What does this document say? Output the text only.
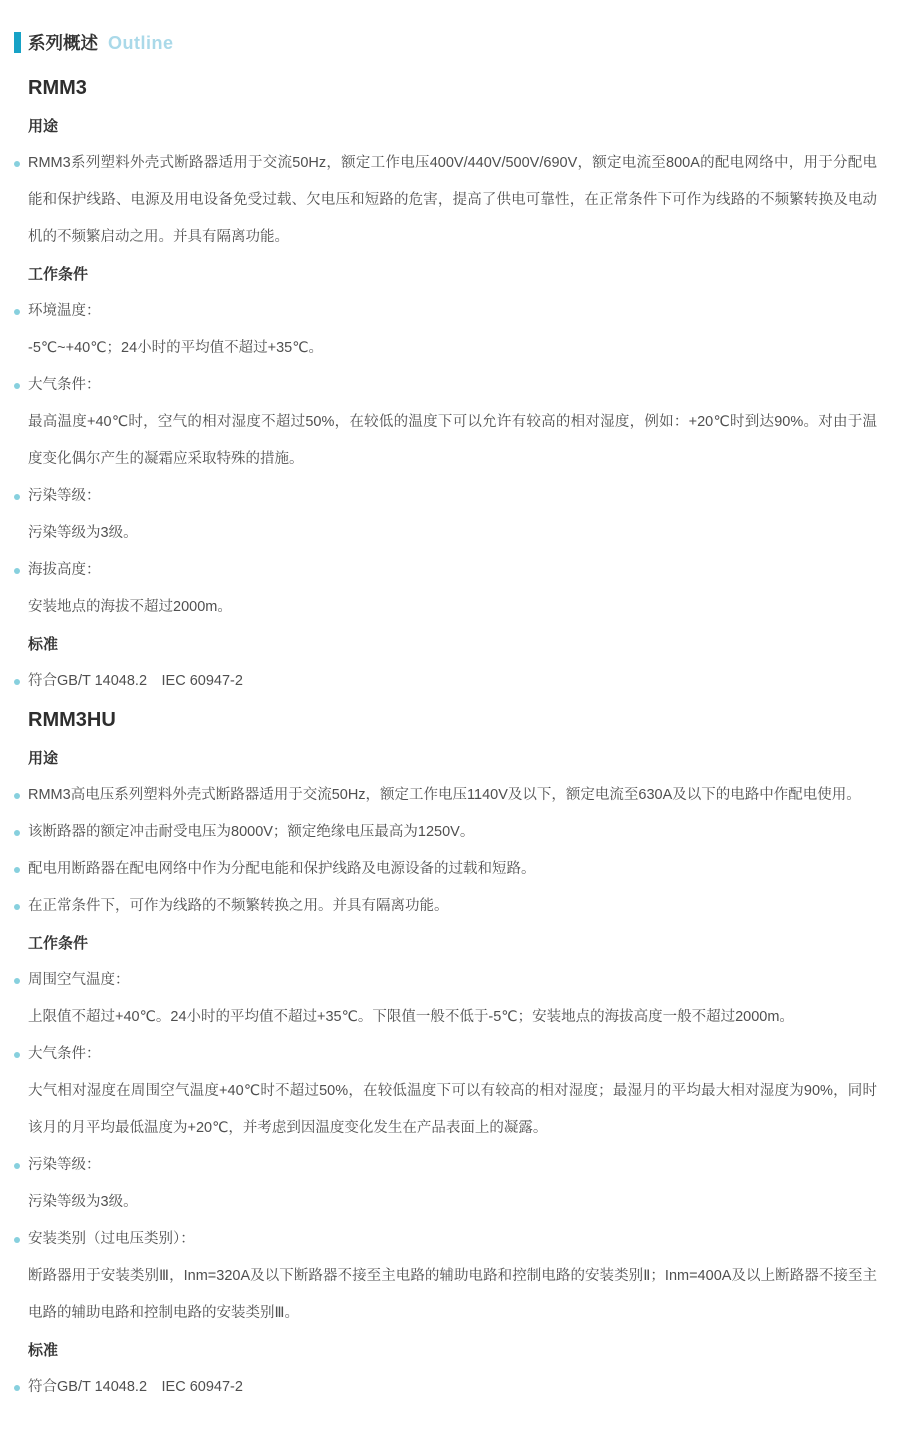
系列概述 Outline
RMM3
用途
RMM3系列塑料外壳式断路器适用于交流50Hz，额定工作电压400V/440V/500V/690V，额定电流至800A的配电网络中，用于分配电能和保护线路、电源及用电设备免受过载、欠电压和短路的危害，提高了供电可靠性，在正常条件下可作为线路的不频繁转换及电动机的不频繁启动之用。并具有隔离功能。
工作条件
环境温度：
-5℃~+40℃；24小时的平均值不超过+35℃。
大气条件：
最高温度+40℃时，空气的相对湿度不超过50%，在较低的温度下可以允许有较高的相对湿度，例如：+20℃时到达90%。对由于温度变化偶尔产生的凝霜应采取特殊的措施。
污染等级：
污染等级为3级。
海拔高度：
安装地点的海拔不超过2000m。
标准
符合GB/T 14048.2　IEC 60947-2
RMM3HU
用途
RMM3高电压系列塑料外壳式断路器适用于交流50Hz，额定工作电压1140V及以下，额定电流至630A及以下的电路中作配电使用。
该断路器的额定冲击耐受电压为8000V；额定绝缘电压最高为1250V。
配电用断路器在配电网络中作为分配电能和保护线路及电源设备的过载和短路。
在正常条件下，可作为线路的不频繁转换之用。并具有隔离功能。
工作条件
周围空气温度：
上限值不超过+40℃。24小时的平均值不超过+35℃。下限值一般不低于-5℃；安装地点的海拔高度一般不超过2000m。
大气条件：
大气相对湿度在周围空气温度+40℃时不超过50%，在较低温度下可以有较高的相对湿度；最湿月的平均最大相对湿度为90%，同时该月的月平均最低温度为+20℃，并考虑到因温度变化发生在产品表面上的凝露。
污染等级：
污染等级为3级。
安装类别（过电压类别）：
断路器用于安装类别Ⅲ，Inm=320A及以下断路器不接至主电路的辅助电路和控制电路的安装类别Ⅱ；Inm=400A及以上断路器不接至主电路的辅助电路和控制电路的安装类别Ⅲ。
标准
符合GB/T 14048.2　IEC 60947-2
